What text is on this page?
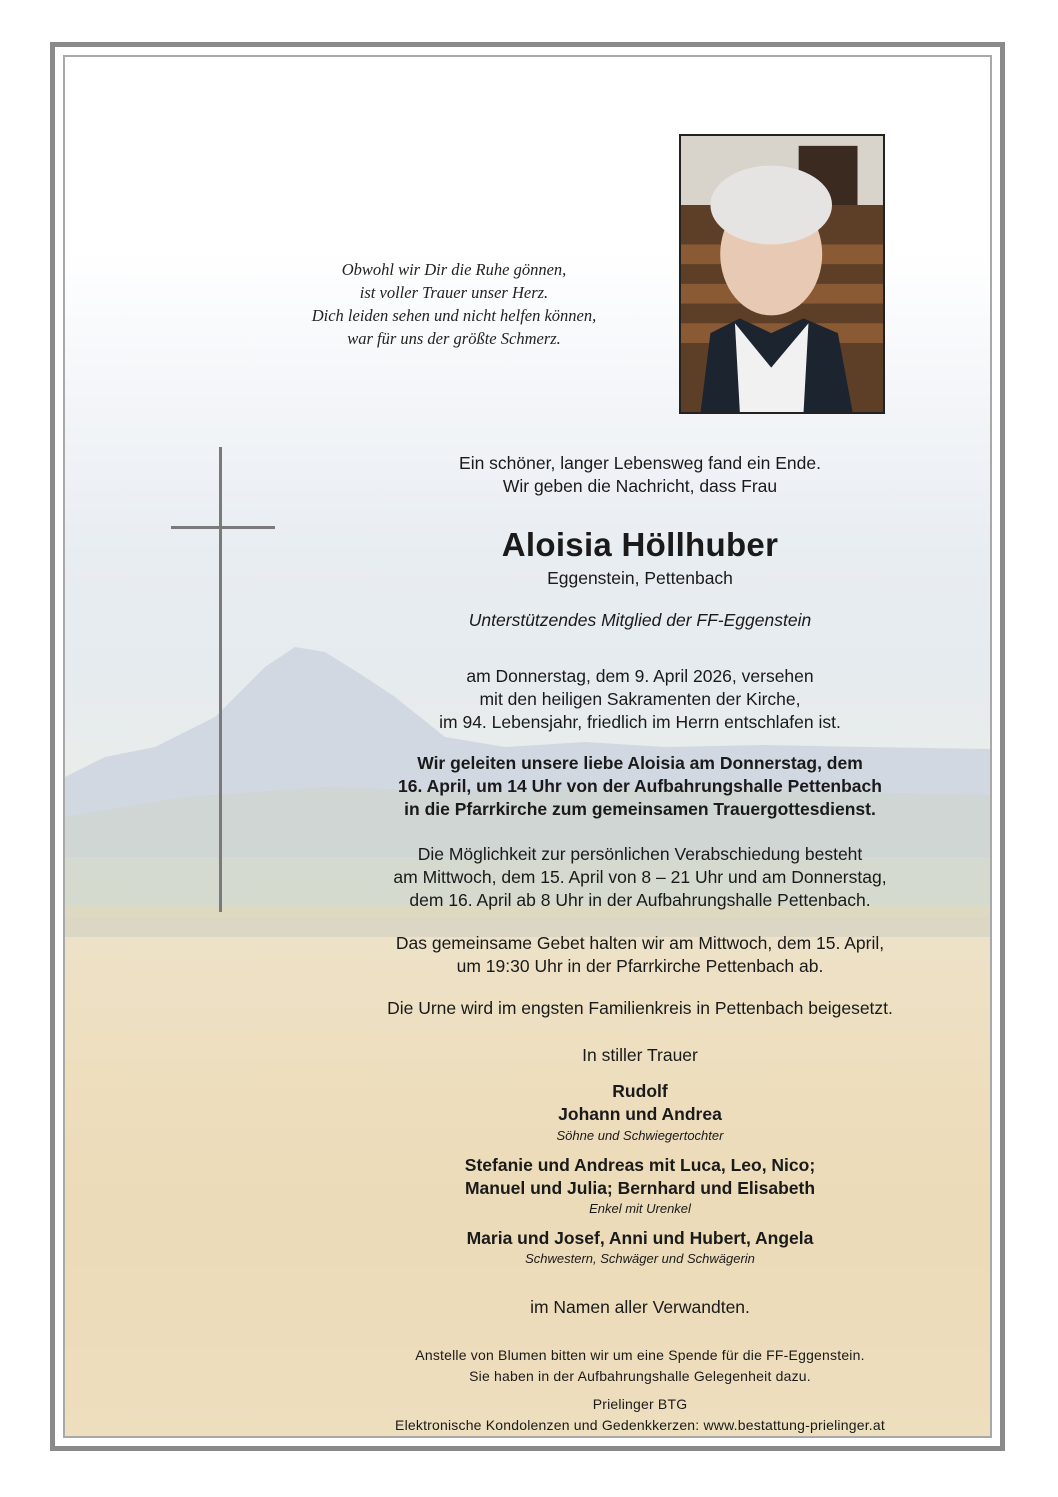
Obwohl wir Dir die Ruhe gönnen,
ist voller Trauer unser Herz.
Dich leiden sehen und nicht helfen können,
war für uns der größte Schmerz.
Ein schöner, langer Lebensweg fand ein Ende.
Wir geben die Nachricht, dass Frau
Aloisia Höllhuber
Eggenstein, Pettenbach
Unterstützendes Mitglied der FF-Eggenstein
am Donnerstag, dem 9. April 2026, versehen
mit den heiligen Sakramenten der Kirche,
im 94. Lebensjahr, friedlich im Herrn entschlafen ist.
Wir geleiten unsere liebe Aloisia am Donnerstag, dem
16. April, um 14 Uhr von der Aufbahrungshalle Pettenbach
in die Pfarrkirche zum gemeinsamen Trauergottesdienst.
Die Möglichkeit zur persönlichen Verabschiedung besteht
am Mittwoch, dem 15. April von 8 – 21 Uhr und am Donnerstag,
dem 16. April ab 8 Uhr in der Aufbahrungshalle Pettenbach.
Das gemeinsame Gebet halten wir am Mittwoch, dem 15. April,
um 19:30 Uhr in der Pfarrkirche Pettenbach ab.
Die Urne wird im engsten Familienkreis in Pettenbach beigesetzt.
In stiller Trauer
Rudolf
Johann und Andrea
Söhne und Schwiegertochter
Stefanie und Andreas mit Luca, Leo, Nico;
Manuel und Julia; Bernhard und Elisabeth
Enkel mit Urenkel
Maria und Josef, Anni und Hubert, Angela
Schwestern, Schwäger und Schwägerin
im Namen aller Verwandten.
Anstelle von Blumen bitten wir um eine Spende für die FF-Eggenstein.
Sie haben in der Aufbahrungshalle Gelegenheit dazu.
Prielinger BTG
Elektronische Kondolenzen und Gedenkkerzen: www.bestattung-prielinger.at
